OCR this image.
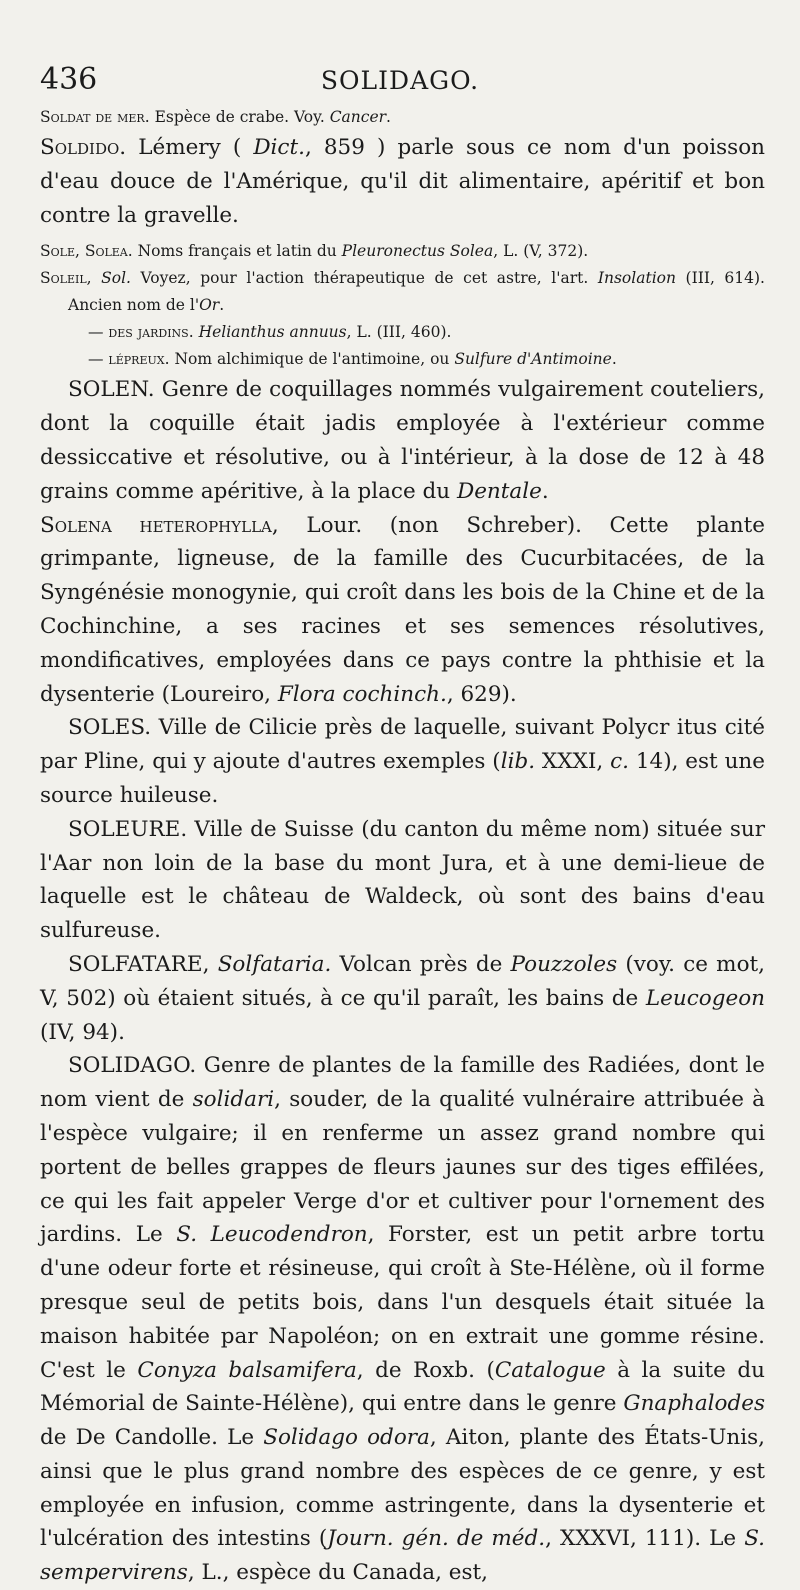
436	SOLIDAGO.

Soldat de mer. Espèce de crabe. Voy. Cancer.

Soldido. Lémery ( Dict., 859 ) parle sous ce nom d'un poisson d'eau douce de l'Amérique, qu'il dit alimentaire, apéritif et bon contre la gravelle.

Sole, Solea. Noms français et latin du Pleuronectus Solea, L. (V, 372).

Soleil, Sol. Voyez, pour l'action thérapeutique de cet astre, l'art. Insolation (III, 614). Ancien nom de l'Or.

— des jardins. Helianthus annuus, L. (III, 460).

— lépreux. Nom alchimique de l'antimoine, ou Sulfure d'Antimoine.

SOLEN. Genre de coquillages nommés vulgairement couteliers, dont la coquille était jadis employée à l'extérieur comme dessiccative et résolutive, ou à l'intérieur, à la dose de 12 à 48 grains comme apéritive, à la place du Dentale.

Solena heterophylla, Lour. (non Schreber). Cette plante grimpante, ligneuse, de la famille des Cucurbitacées, de la Syngénésie monogynie, qui croît dans les bois de la Chine et de la Cochinchine, a ses racines et ses semences résolutives, mondificatives, employées dans ce pays contre la phthisie et la dysenterie (Loureiro, Flora cochinch., 629).

SOLES. Ville de Cilicie près de laquelle, suivant Polycr itus cité par Pline, qui y ajoute d'autres exemples (lib. XXXI, c. 14), est une source huileuse.

SOLEURE. Ville de Suisse (du canton du même nom) située sur l'Aar non loin de la base du mont Jura, et à une demi-lieue de laquelle est le château de Waldeck, où sont des bains d'eau sulfureuse.

SOLFATARE, Solfataria. Volcan près de Pouzzoles (voy. ce mot, V, 502) où étaient situés, à ce qu'il paraît, les bains de Leucogeon (IV, 94).

SOLIDAGO. Genre de plantes de la famille des Radiées, dont le nom vient de solidari, souder, de la qualité vulnéraire attribuée à l'espèce vulgaire; il en renferme un assez grand nombre qui portent de belles grappes de fleurs jaunes sur des tiges effilées, ce qui les fait appeler Verge d'or et cultiver pour l'ornement des jardins. Le S. Leucodendron, Forster, est un petit arbre tortu d'une odeur forte et résineuse, qui croît à Ste-Hélène, où il forme presque seul de petits bois, dans l'un desquels était située la maison habitée par Napoléon; on en extrait une gomme résine. C'est le Conyza balsamifera, de Roxb. (Catalogue à la suite du Mémorial de Sainte-Hélène), qui entre dans le genre Gnaphalodes de De Candolle. Le Solidago odora, Aiton, plante des États-Unis, ainsi que le plus grand nombre des espèces de ce genre, y est employée en infusion, comme astringente, dans la dysenterie et l'ulcération des intestins (Journ. gén. de méd., XXXVI, 111). Le S. sempervirens, L., espèce du Canada, est,
